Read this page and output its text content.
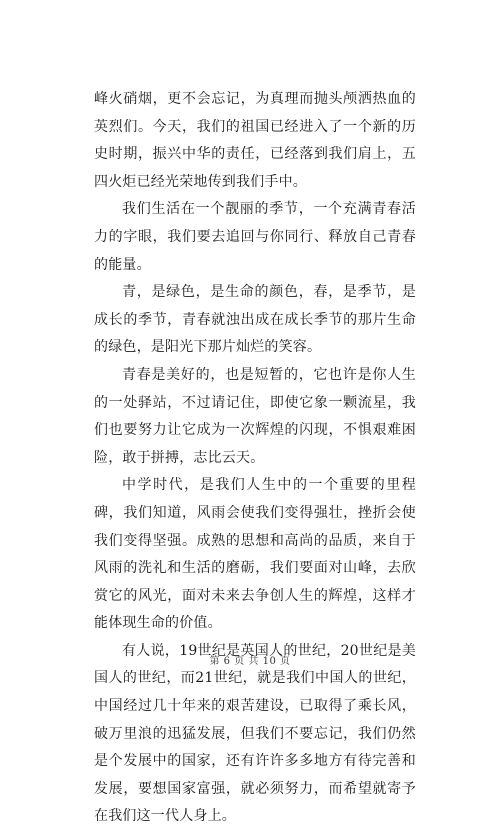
峰火硝烟，更不会忘记，为真理而抛头颅洒热血的英烈们。今天，我们的祖国已经进入了一个新的历史时期，振兴中华的责任，已经落到我们肩上，五四火炬已经光荣地传到我们手中。

我们生活在一个靓丽的季节，一个充满青春活力的字眼，我们要去追回与你同行、释放自己青春的能量。

青，是绿色，是生命的颜色，春，是季节，是成长的季节，青春就浊出成在成长季节的那片生命的绿色，是阳光下那片灿烂的笑容。

青春是美好的，也是短暂的，它也许是你人生的一处驿站，不过请记住，即使它象一颗流星，我们也要努力让它成为一次辉煌的闪现，不惧艰难困险，敢于拼搏，志比云天。

中学时代，是我们人生中的一个重要的里程碑，我们知道，风雨会使我们变得强壮，挫折会使我们变得坚强。成熟的思想和高尚的品质，来自于风雨的洗礼和生活的磨砺，我们要面对山峰，去欣赏它的风光，面对未来去争创人生的辉煌，这样才能体现生命的价值。

有人说，19世纪是英国人的世纪，20世纪是美国人的世纪，而21世纪，就是我们中国人的世纪，中国经过几十年来的艰苦建设，已取得了乘长风，破万里浪的迅猛发展，但我们不要忘记，我们仍然是个发展中的国家，还有许许多多地方有待完善和发展，要想国家富强，就必须努力，而希望就寄予在我们这一代人身上。

第 6 页 共 10 页
